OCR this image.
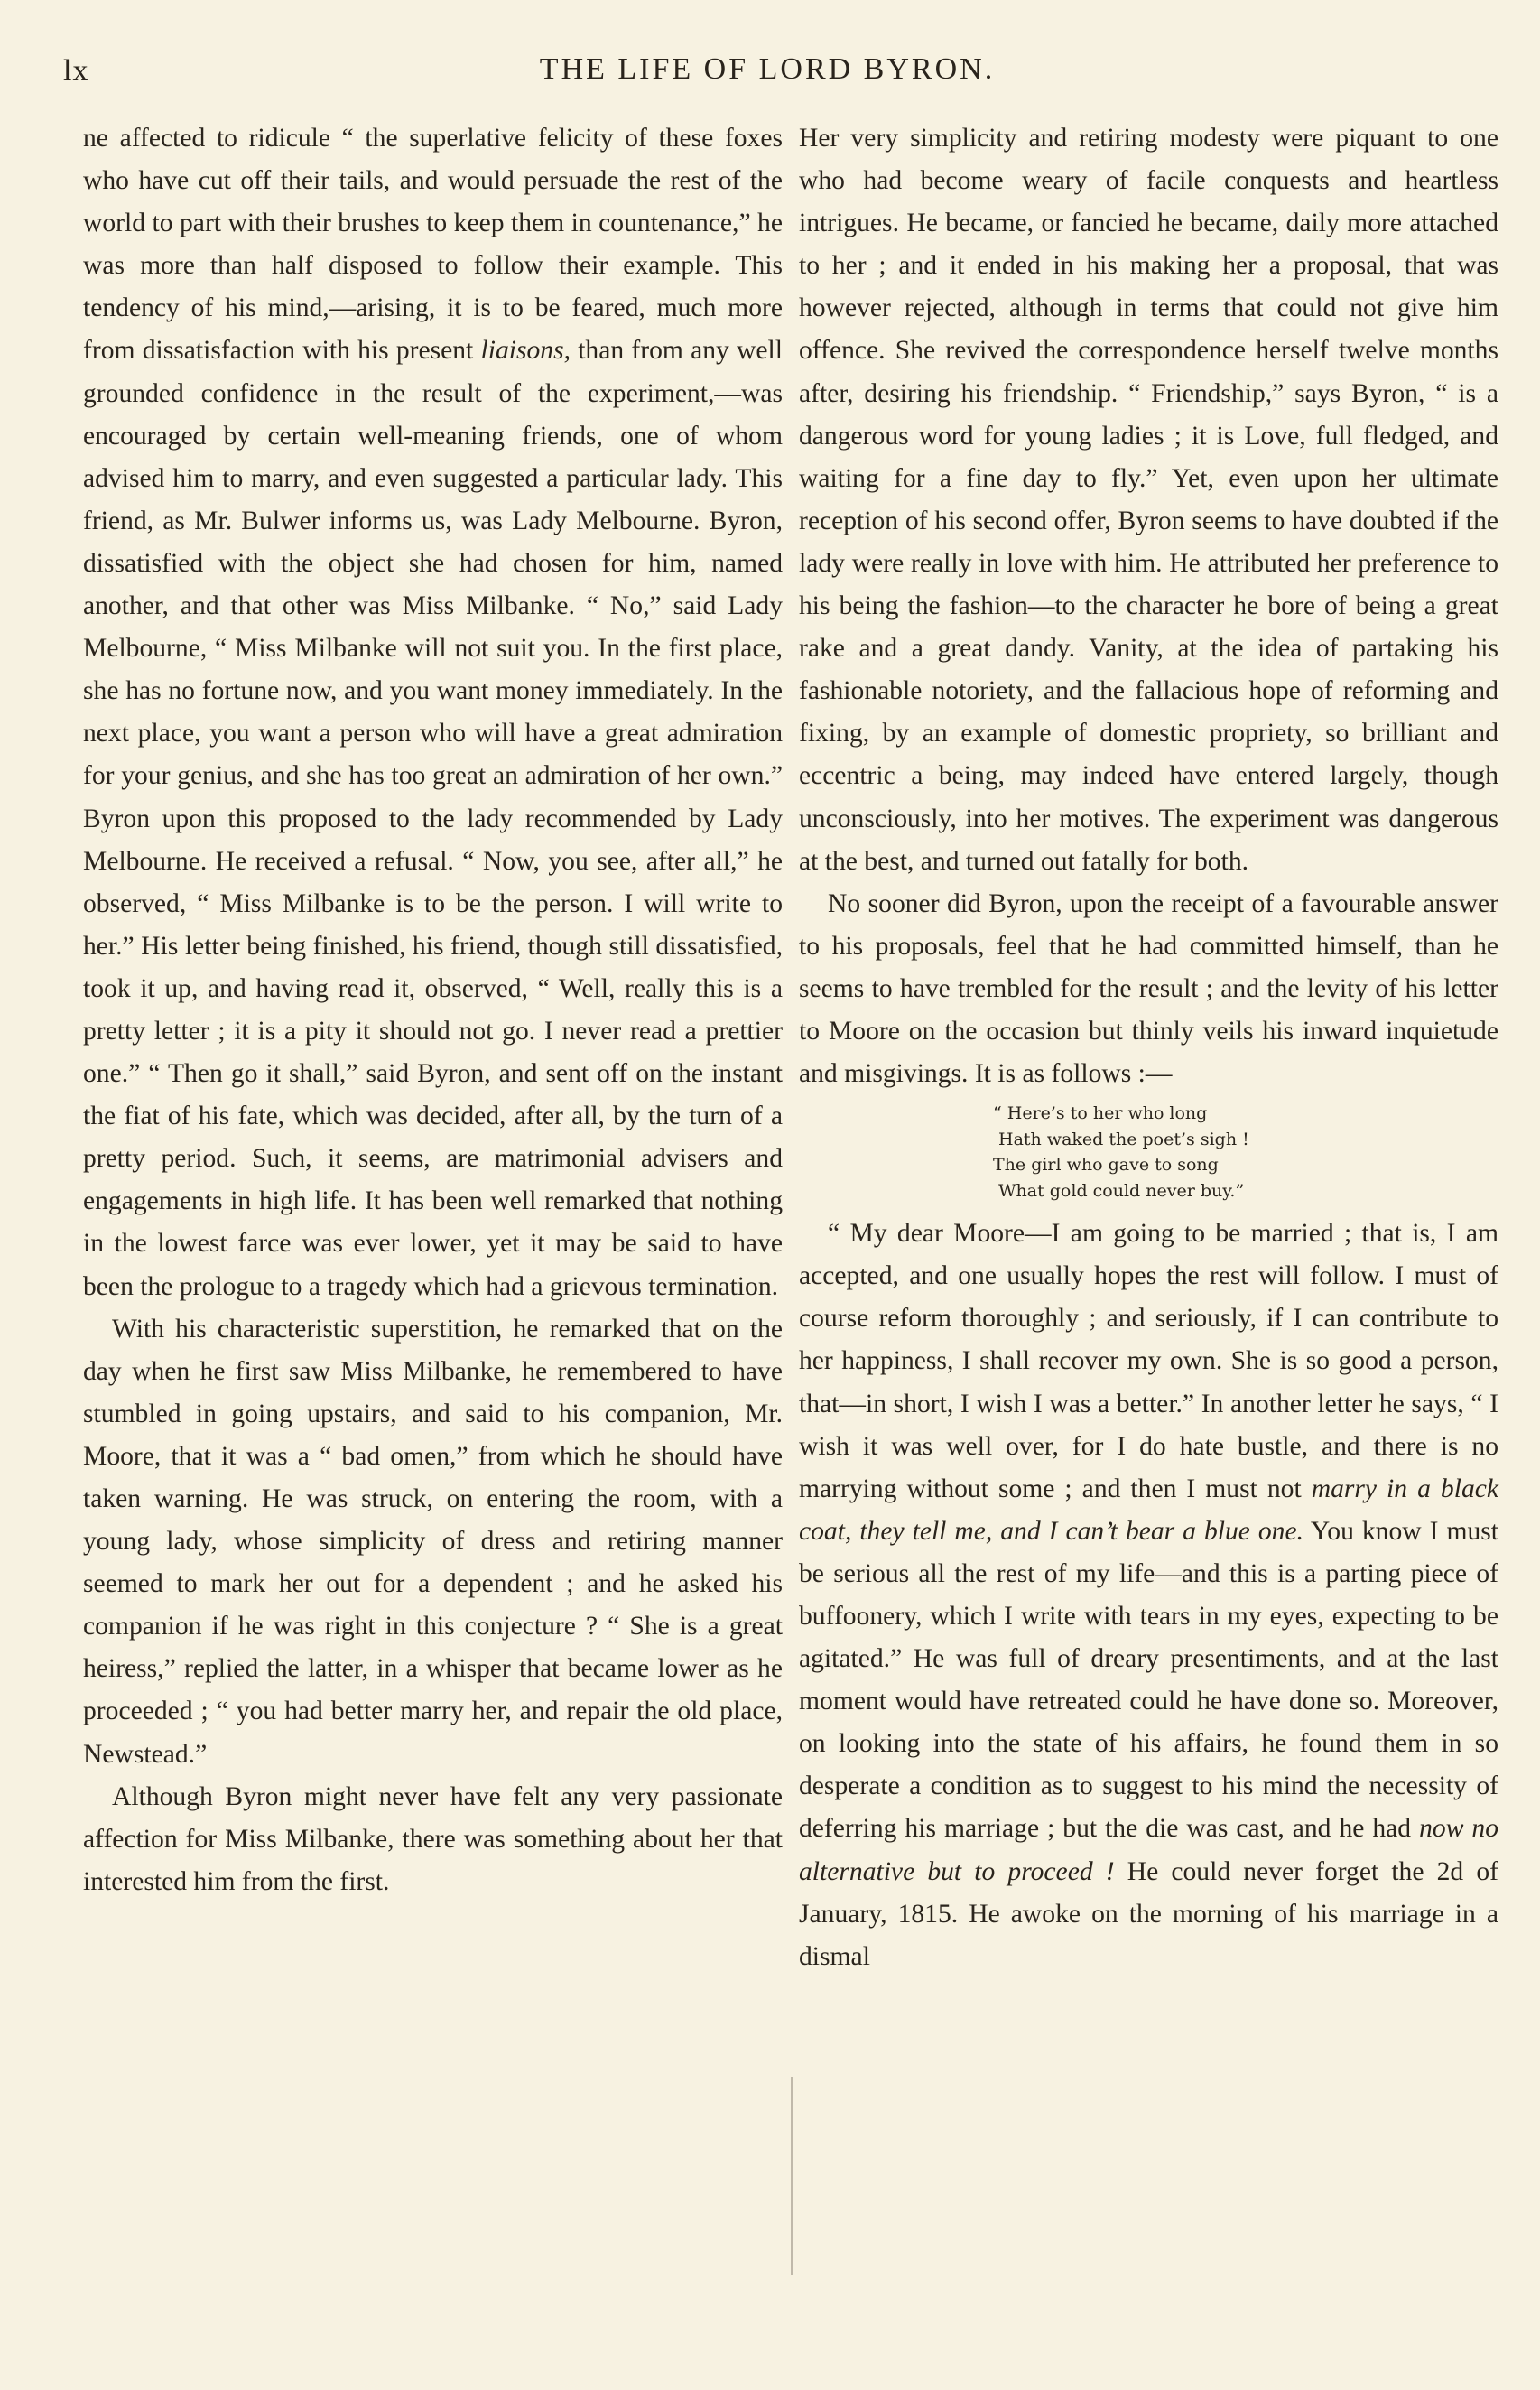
lx	THE LIFE OF LORD BYRON.

ne affected to ridicule “ the superlative felicity of these foxes who have cut off their tails, and would persuade the rest of the world to part with their brushes to keep them in countenance,” he was more than half disposed to follow their example. This tendency of his mind,—arising, it is to be feared, much more from dissatisfaction with his present liaisons, than from any well grounded confidence in the result of the experiment,—was encouraged by certain well-meaning friends, one of whom advised him to marry, and even suggested a particular lady. This friend, as Mr. Bulwer informs us, was Lady Melbourne. Byron, dissatisfied with the object she had chosen for him, named another, and that other was Miss Milbanke. “ No,” said Lady Melbourne, “ Miss Milbanke will not suit you. In the first place, she has no fortune now, and you want money immediately. In the next place, you want a person who will have a great admiration for your genius, and she has too great an admiration of her own.” Byron upon this proposed to the lady recommended by Lady Melbourne. He received a refusal. “ Now, you see, after all,” he observed, “ Miss Milbanke is to be the person. I will write to her.” His letter being finished, his friend, though still dissatisfied, took it up, and having read it, observed, “ Well, really this is a pretty letter ; it is a pity it should not go. I never read a prettier one.” “ Then go it shall,” said Byron, and sent off on the instant the fiat of his fate, which was decided, after all, by the turn of a pretty period. Such, it seems, are matrimonial advisers and engagements in high life. It has been well remarked that nothing in the lowest farce was ever lower, yet it may be said to have been the prologue to a tragedy which had a grievous termination.

With his characteristic superstition, he remarked that on the day when he first saw Miss Milbanke, he remembered to have stumbled in going upstairs, and said to his companion, Mr. Moore, that it was a “ bad omen,” from which he should have taken warning. He was struck, on entering the room, with a young lady, whose simplicity of dress and retiring manner seemed to mark her out for a dependent ; and he asked his companion if he was right in this conjecture ? “ She is a great heiress,” replied the latter, in a whisper that became lower as he proceeded ; “ you had better marry her, and repair the old place, Newstead.”

Although Byron might never have felt any very passionate affection for Miss Milbanke, there was something about her that interested him from the first.

Her very simplicity and retiring modesty were piquant to one who had become weary of facile conquests and heartless intrigues. He became, or fancied he became, daily more attached to her ; and it ended in his making her a proposal, that was however rejected, although in terms that could not give him offence. She revived the correspondence herself twelve months after, desiring his friendship. “ Friendship,” says Byron, “ is a dangerous word for young ladies ; it is Love, full fledged, and waiting for a fine day to fly.” Yet, even upon her ultimate reception of his second offer, Byron seems to have doubted if the lady were really in love with him. He attributed her preference to his being the fashion—to the character he bore of being a great rake and a great dandy. Vanity, at the idea of partaking his fashionable notoriety, and the fallacious hope of reforming and fixing, by an example of domestic propriety, so brilliant and eccentric a being, may indeed have entered largely, though unconsciously, into her motives. The experiment was dangerous at the best, and turned out fatally for both.

No sooner did Byron, upon the receipt of a favourable answer to his proposals, feel that he had committed himself, than he seems to have trembled for the result ; and the levity of his letter to Moore on the occasion but thinly veils his inward inquietude and misgivings. It is as follows :—

“ Here’s to her who long
Hath waked the poet’s sigh !
The girl who gave to song
What gold could never buy.”

“ My dear Moore—I am going to be married ; that is, I am accepted, and one usually hopes the rest will follow. I must of course reform thoroughly ; and seriously, if I can contribute to her happiness, I shall recover my own. She is so good a person, that—in short, I wish I was a better.” In another letter he says, “ I wish it was well over, for I do hate bustle, and there is no marrying without some ; and then I must not marry in a black coat, they tell me, and I can’t bear a blue one. You know I must be serious all the rest of my life—and this is a parting piece of buffoonery, which I write with tears in my eyes, expecting to be agitated.” He was full of dreary presentiments, and at the last moment would have retreated could he have done so. Moreover, on looking into the state of his affairs, he found them in so desperate a condition as to suggest to his mind the necessity of deferring his marriage ; but the die was cast, and he had now no alternative but to proceed ! He could never forget the 2d of January, 1815. He awoke on the morning of his marriage in a dismal
